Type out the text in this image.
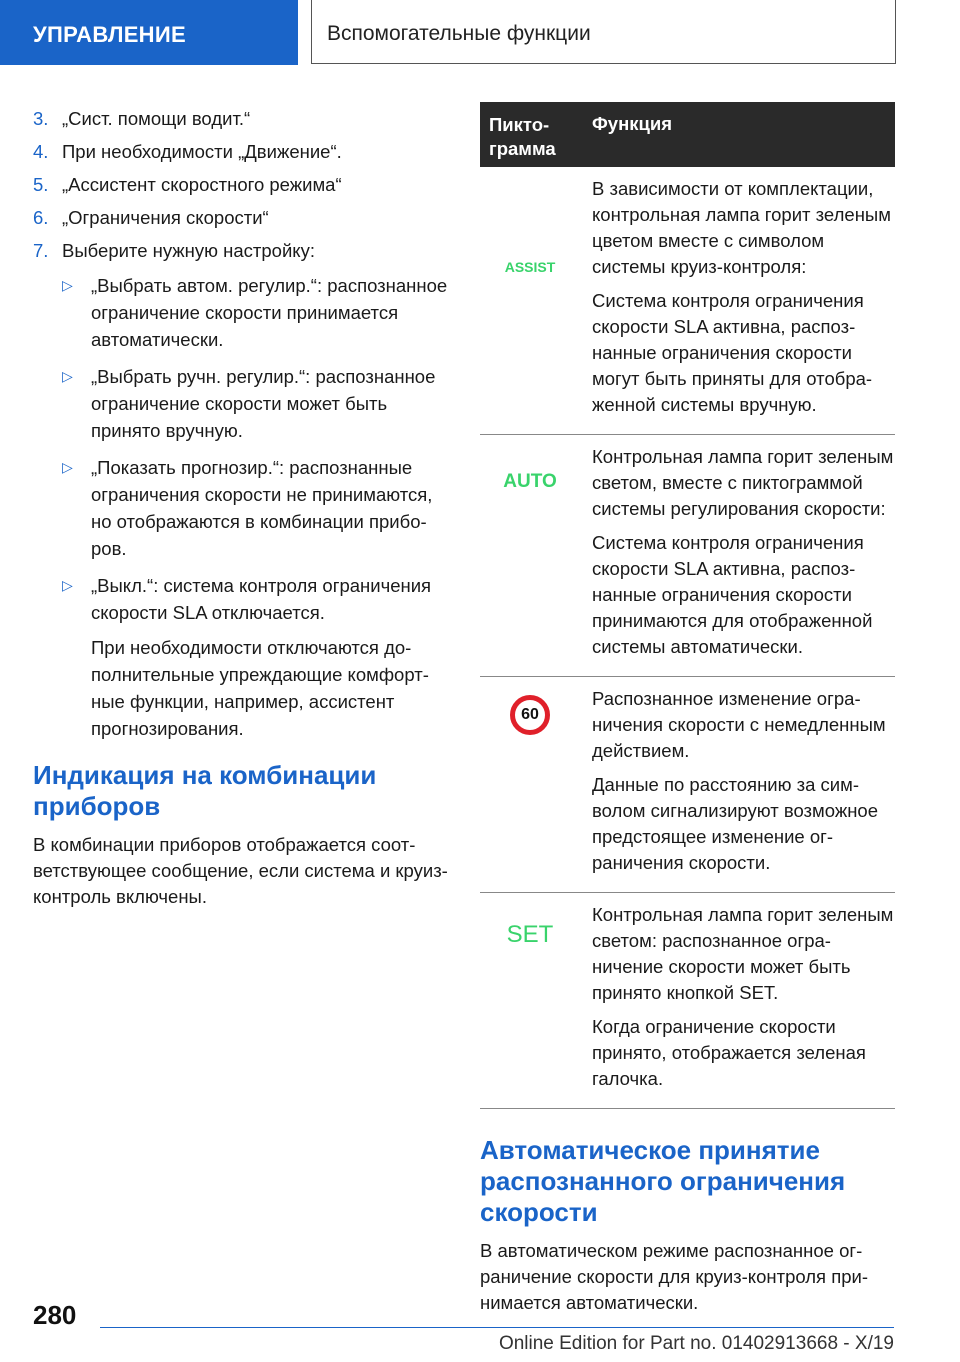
УПРАВЛЕНИЕ	Вспомогательные функции
3. „Сист. помощи водит.“
4. При необходимости „Движение“.
5. „Ассистент скоростного режима“
6. „Ограничения скорости“
7. Выберите нужную настройку:
▷ „Выбрать автом. регулир.“: распознанное ограничение скорости принимается автоматически.

▷ „Выбрать ручн. регулир.“: распознанное ограничение скорости может быть принято вручную.

▷ „Показать прогнозир.“: распознанные ограничения скорости не принимаются, но отображаются в комбинации приборов.

▷ „Выкл.“: система контроля ограничения скорости SLA отключается.

При необходимости отключаются дополнительные упреждающие комфортные функции, например, ассистент прогнозирования.

Индикация на комбинации приборов

В комбинации приборов отображается соответствующее сообщение, если система и круиз-контроль включены.

Пиктограмма
Функция
ASSIST

В зависимости от комплектации, контрольная лампа горит зеленым цветом вместе с символом системы круиз-контроля:

Система контроля ограничения скорости SLA активна, распознанные ограничения скорости могут быть приняты для отображенной системы вручную.

AUTO

Контрольная лампа горит зеленым светом, вместе с пиктограммой системы регулирования скорости:

Система контроля ограничения скорости SLA активна, распознанные ограничения скорости принимаются для отображенной системы автоматически.

60

Распознанное изменение ограничения скорости с немедленным действием.

Данные по расстоянию за символом сигнализируют возможное предстоящее изменение ограничения скорости.

SET

Контрольная лампа горит зеленым светом: распознанное ограничение скорости может быть принято кнопкой SET.

Когда ограничение скорости принято, отображается зеленая галочка.

Автоматическое принятие распознанного ограничения скорости

В автоматическом режиме распознанное ограничение скорости для круиз-контроля принимается автоматически.

280
Online Edition for Part no. 01402913668 - X/19
